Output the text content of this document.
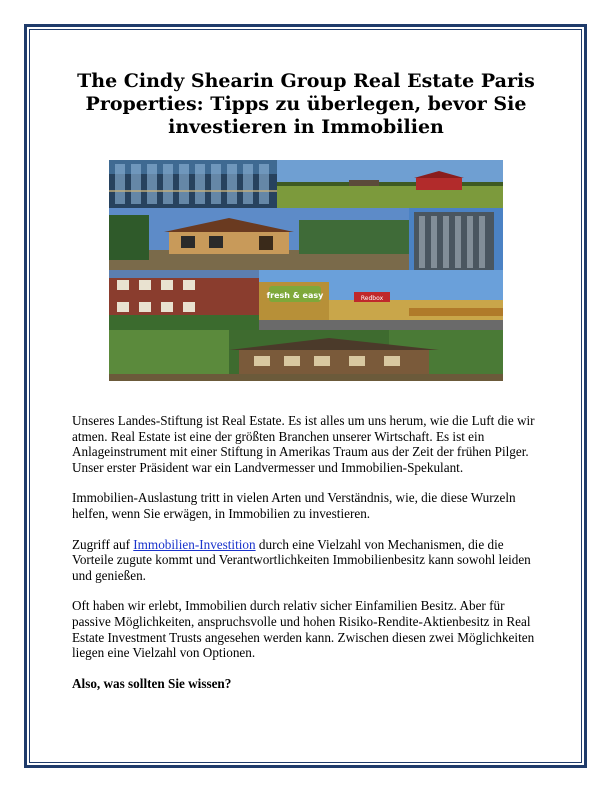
The Cindy Shearin Group Real Estate Paris Properties: Tipps zu überlegen, bevor Sie investieren in Immobilien
fresh & easy	Redbox

Unseres Landes-Stiftung ist Real Estate. Es ist alles um uns herum, wie die Luft die wir atmen. Real Estate ist eine der größten Branchen unserer Wirtschaft. Es ist ein Anlageinstrument mit einer Stiftung in Amerikas Traum aus der Zeit der frühen Pilger. Unser erster Präsident war ein Landvermesser und Immobilien-Spekulant.

Immobilien-Auslastung tritt in vielen Arten und Verständnis, wie, die diese Wurzeln helfen, wenn Sie erwägen, in Immobilien zu investieren.

Zugriff auf Immobilien-Investition durch eine Vielzahl von Mechanismen, die die Vorteile zugute kommt und Verantwortlichkeiten Immobilienbesitz kann sowohl leiden und genießen.

Oft haben wir erlebt, Immobilien durch relativ sicher Einfamilien Besitz. Aber für passive Möglichkeiten, anspruchsvolle und hohen Risiko-Rendite-Aktienbesitz in Real Estate Investment Trusts angesehen werden kann. Zwischen diesen zwei Möglichkeiten liegen eine Vielzahl von Optionen.

Also, was sollten Sie wissen?
